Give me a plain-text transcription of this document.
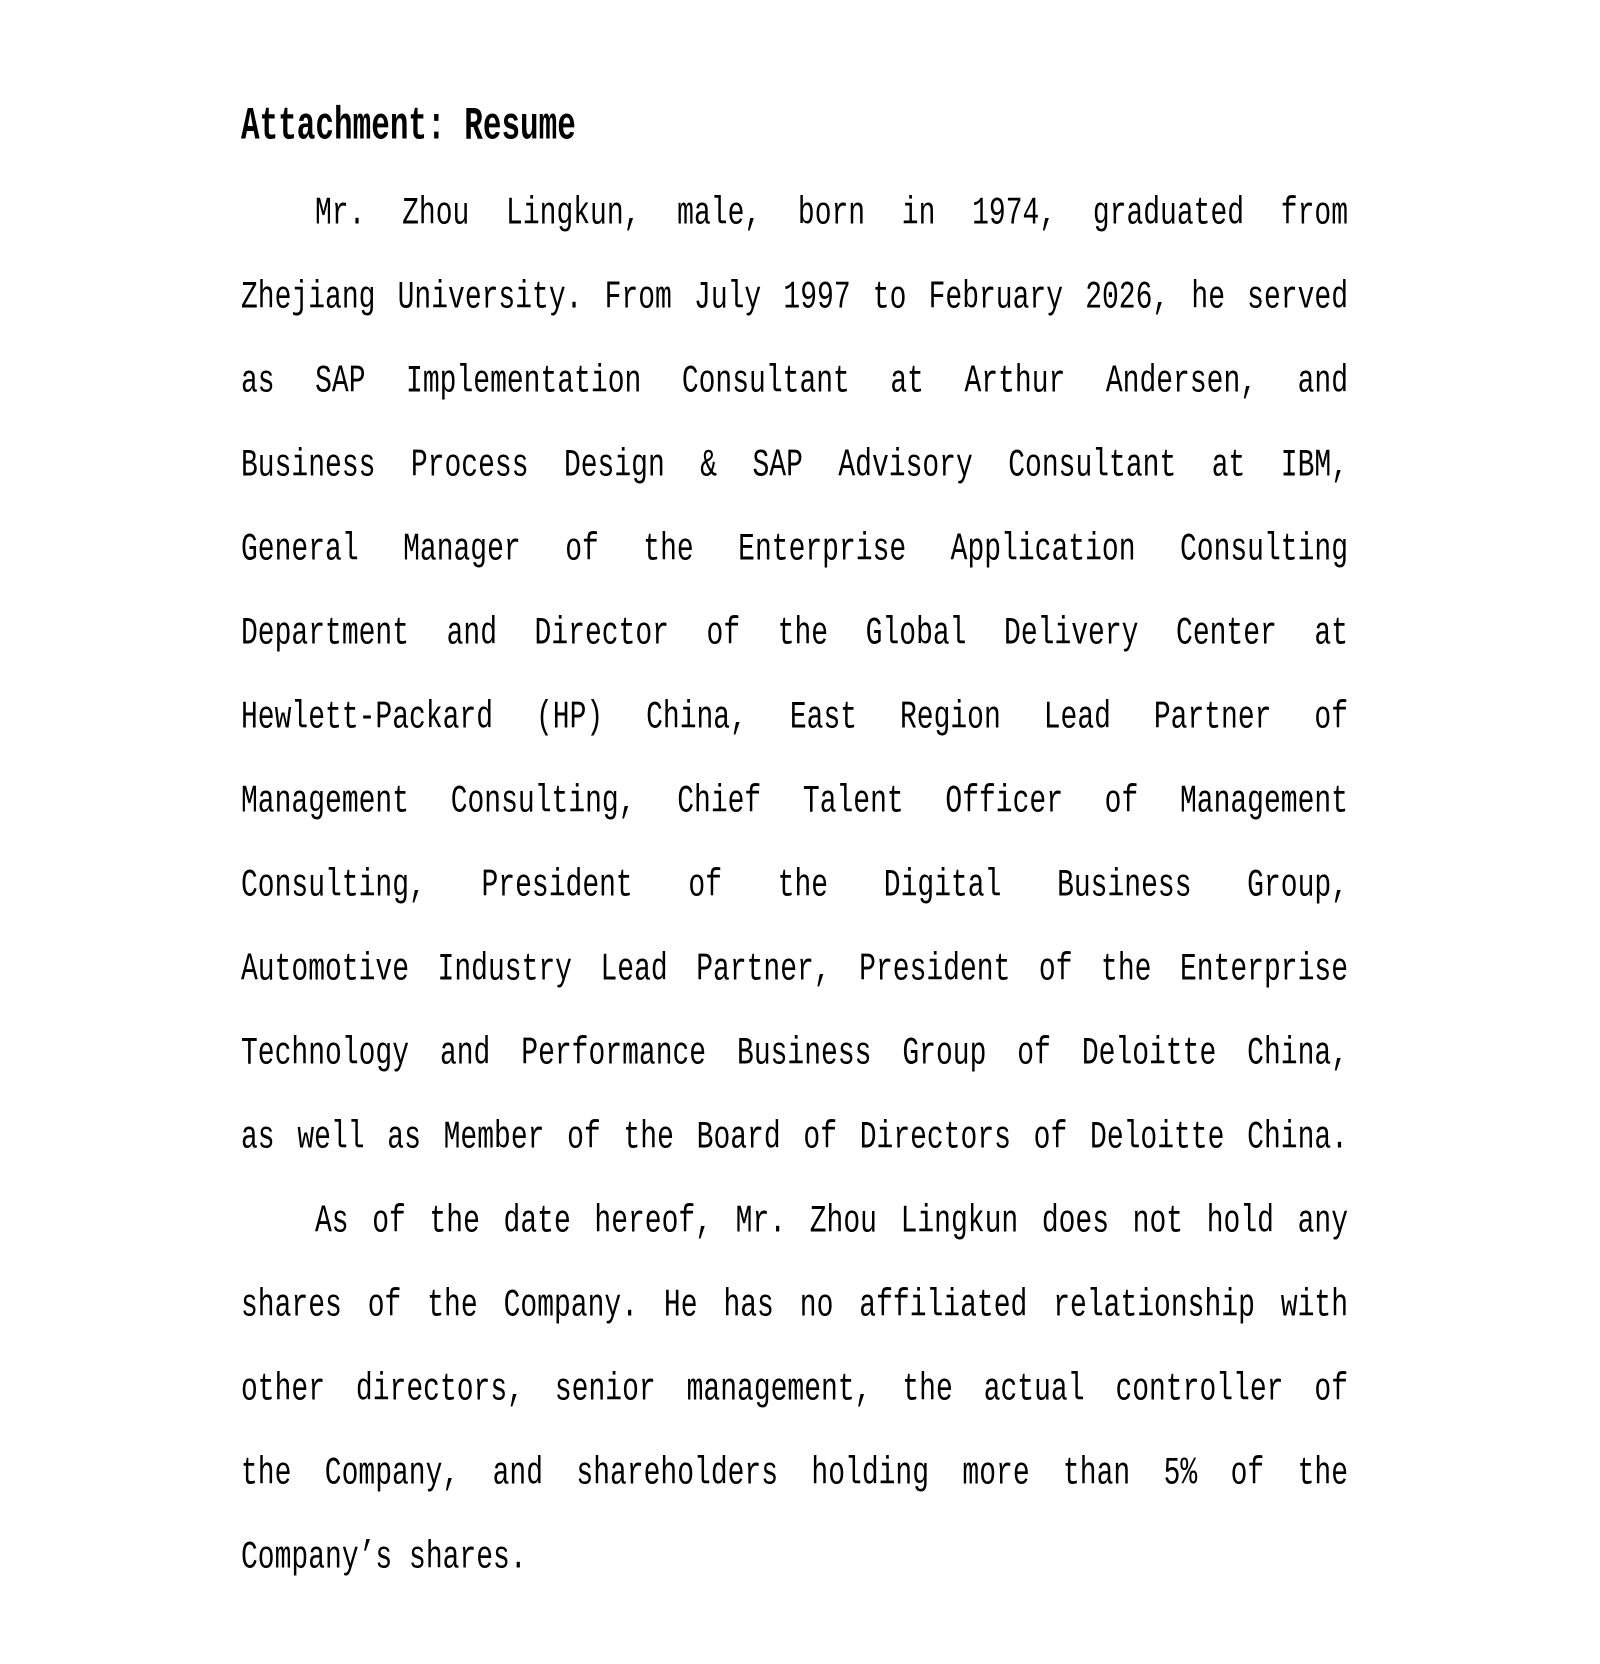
Attachment: Resume
Mr. Zhou Lingkun, male, born in 1974, graduated from
Zhejiang University. From July 1997 to February 2026, he served
as SAP Implementation Consultant at Arthur Andersen, and
Business Process Design & SAP Advisory Consultant at IBM,
General Manager of the Enterprise Application Consulting
Department and Director of the Global Delivery Center at
Hewlett-Packard (HP) China, East Region Lead Partner of
Management Consulting, Chief Talent Officer of Management
Consulting, President of the Digital Business Group,
Automotive Industry Lead Partner, President of the Enterprise
Technology and Performance Business Group of Deloitte China,
as well as Member of the Board of Directors of Deloitte China.
As of the date hereof, Mr. Zhou Lingkun does not hold any
shares of the Company. He has no affiliated relationship with
other directors, senior management, the actual controller of
the Company, and shareholders holding more than 5% of the
Company’s shares.
